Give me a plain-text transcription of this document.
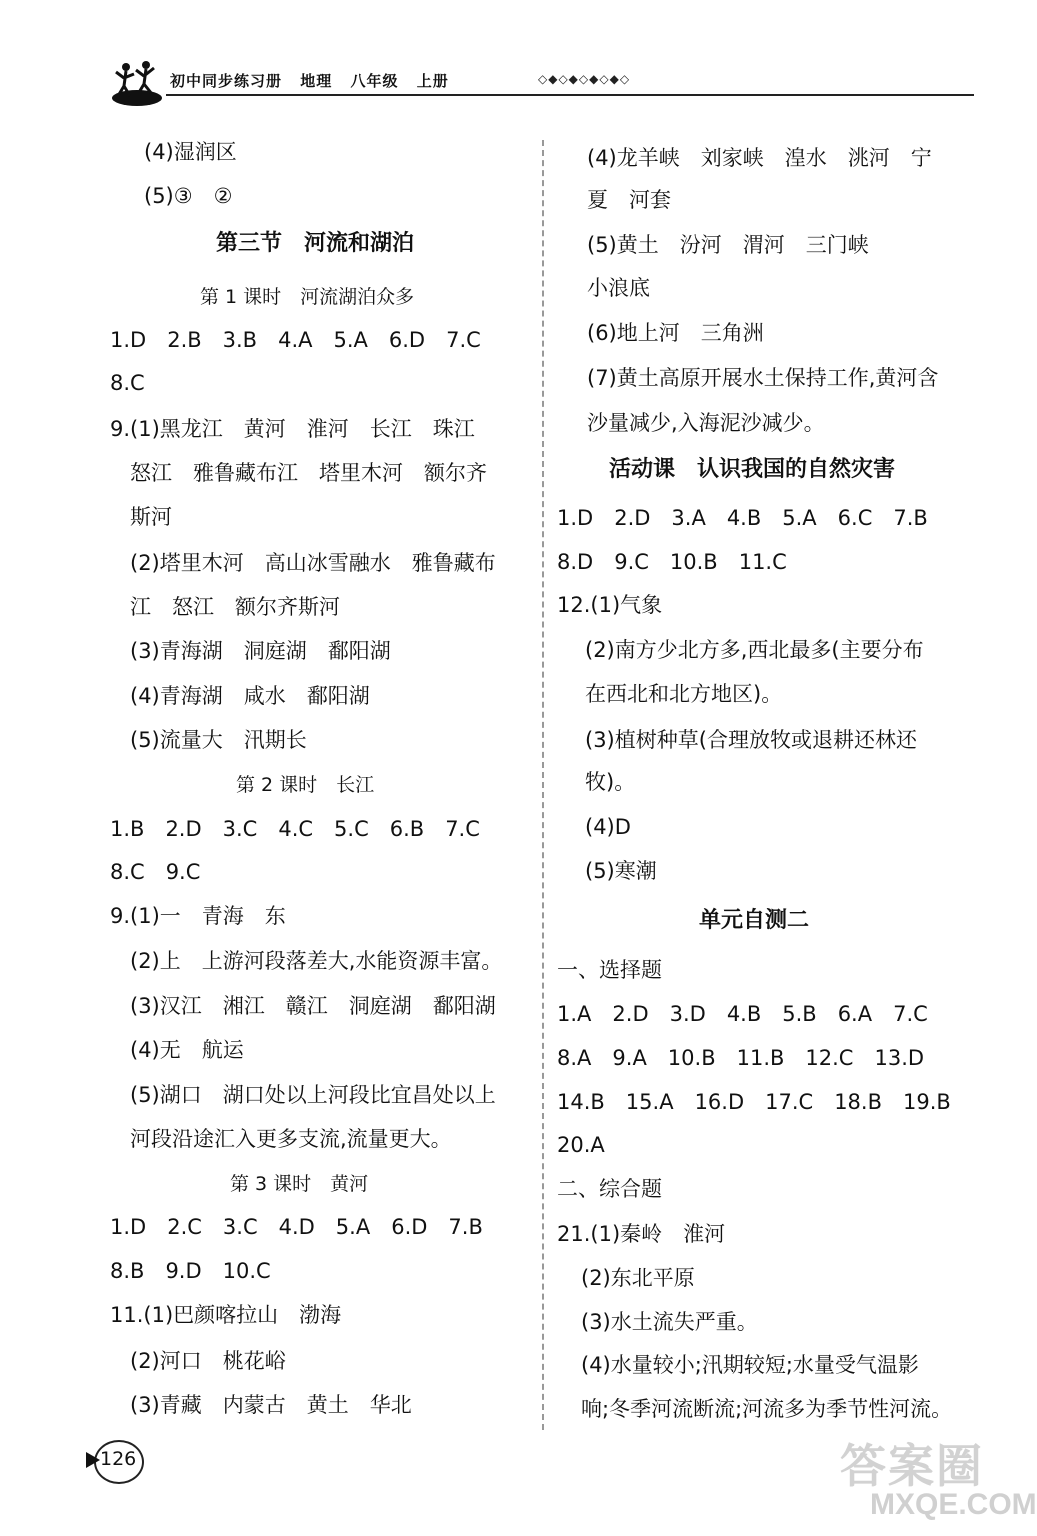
初中同步练习册 地理 八年级 上册	◇◆◇◆◇◆◇◆◇
(4)湿润区
(5)③　②
第三节　河流和湖泊
第 1 课时　河流湖泊众多
1.D　2.B　3.B　4.A　5.A　6.D　7.C
8.C
9.(1)黑龙江　黄河　淮河　长江　珠江
怒江　雅鲁藏布江　塔里木河　额尔齐
斯河
(2)塔里木河　高山冰雪融水　雅鲁藏布
江　怒江　额尔齐斯河
(3)青海湖　洞庭湖　鄱阳湖
(4)青海湖　咸水　鄱阳湖
(5)流量大　汛期长
第 2 课时　长江
1.B　2.D　3.C　4.C　5.C　6.B　7.C
8.C　9.C
9.(1)一　青海　东
(2)上　上游河段落差大,水能资源丰富。
(3)汉江　湘江　赣江　洞庭湖　鄱阳湖
(4)无　航运
(5)湖口　湖口处以上河段比宜昌处以上
河段沿途汇入更多支流,流量更大。
第 3 课时　黄河
1.D　2.C　3.C　4.D　5.A　6.D　7.B
8.B　9.D　10.C
11.(1)巴颜喀拉山　渤海
(2)河口　桃花峪
(3)青藏　内蒙古　黄土　华北
(4)龙羊峡　刘家峡　湟水　洮河　宁
夏　河套
(5)黄土　汾河　渭河　三门峡
小浪底
(6)地上河　三角洲
(7)黄土高原开展水土保持工作,黄河含
沙量减少,入海泥沙减少。
活动课　认识我国的自然灾害
1.D　2.D　3.A　4.B　5.A　6.C　7.B
8.D　9.C　10.B　11.C
12.(1)气象
(2)南方少北方多,西北最多(主要分布
在西北和北方地区)。
(3)植树种草(合理放牧或退耕还林还
牧)。
(4)D
(5)寒潮
单元自测二
一、选择题
1.A　2.D　3.D　4.B　5.B　6.A　7.C
8.A　9.A　10.B　11.B　12.C　13.D
14.B　15.A　16.D　17.C　18.B　19.B
20.A
二、综合题
21.(1)秦岭　淮河
(2)东北平原
(3)水土流失严重。
(4)水量较小;汛期较短;水量受气温影
响;冬季河流断流;河流多为季节性河流。
126	答案圈
MXQE.COM
